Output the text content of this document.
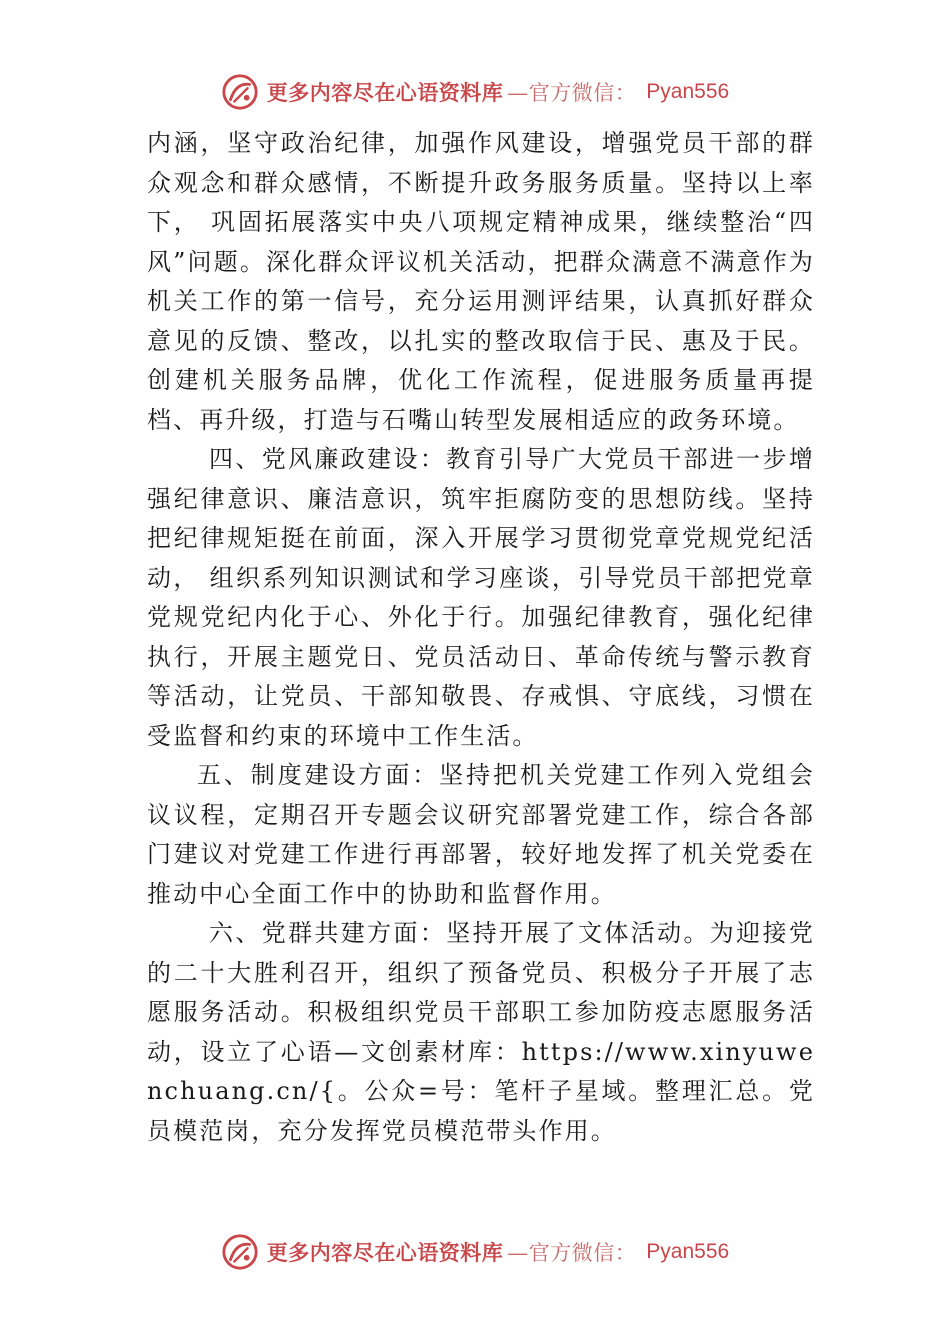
更多内容尽在心语资料库 —官方微信： Pyan556

内涵，坚守政治纪律，加强作风建设，增强党员干部的群众观念和群众感情，不断提升政务服务质量。坚持以上率下， 巩固拓展落实中央八项规定精神成果，继续整治“四风”问题。深化群众评议机关活动，把群众满意不满意作为机关工作的第一信号，充分运用测评结果，认真抓好群众意见的反馈、整改，以扎实的整改取信于民、惠及于民。创建机关服务品牌，优化工作流程，促进服务质量再提档、再升级，打造与石嘴山转型发展相适应的政务环境。

四、党风廉政建设：教育引导广大党员干部进一步增强纪律意识、廉洁意识，筑牢拒腐防变的思想防线。坚持把纪律规矩挺在前面，深入开展学习贯彻党章党规党纪活动， 组织系列知识测试和学习座谈，引导党员干部把党章党规党纪内化于心、外化于行。加强纪律教育，强化纪律执行，开展主题党日、党员活动日、革命传统与警示教育等活动，让党员、干部知敬畏、存戒惧、守底线，习惯在受监督和约束的环境中工作生活。

五、制度建设方面：坚持把机关党建工作列入党组会议议程，定期召开专题会议研究部署党建工作，综合各部门建议对党建工作进行再部署，较好地发挥了机关党委在推动中心全面工作中的协助和监督作用。

六、党群共建方面：坚持开展了文体活动。为迎接党的二十大胜利召开，组织了预备党员、积极分子开展了志愿服务活动。积极组织党员干部职工参加防疫志愿服务活动，设立了心语—文创素材库：https://www.xinyuwenchuang.cn/{。公众=号：笔杆子星域。整理汇总。党员模范岗，充分发挥党员模范带头作用。

更多内容尽在心语资料库 —官方微信： Pyan556
